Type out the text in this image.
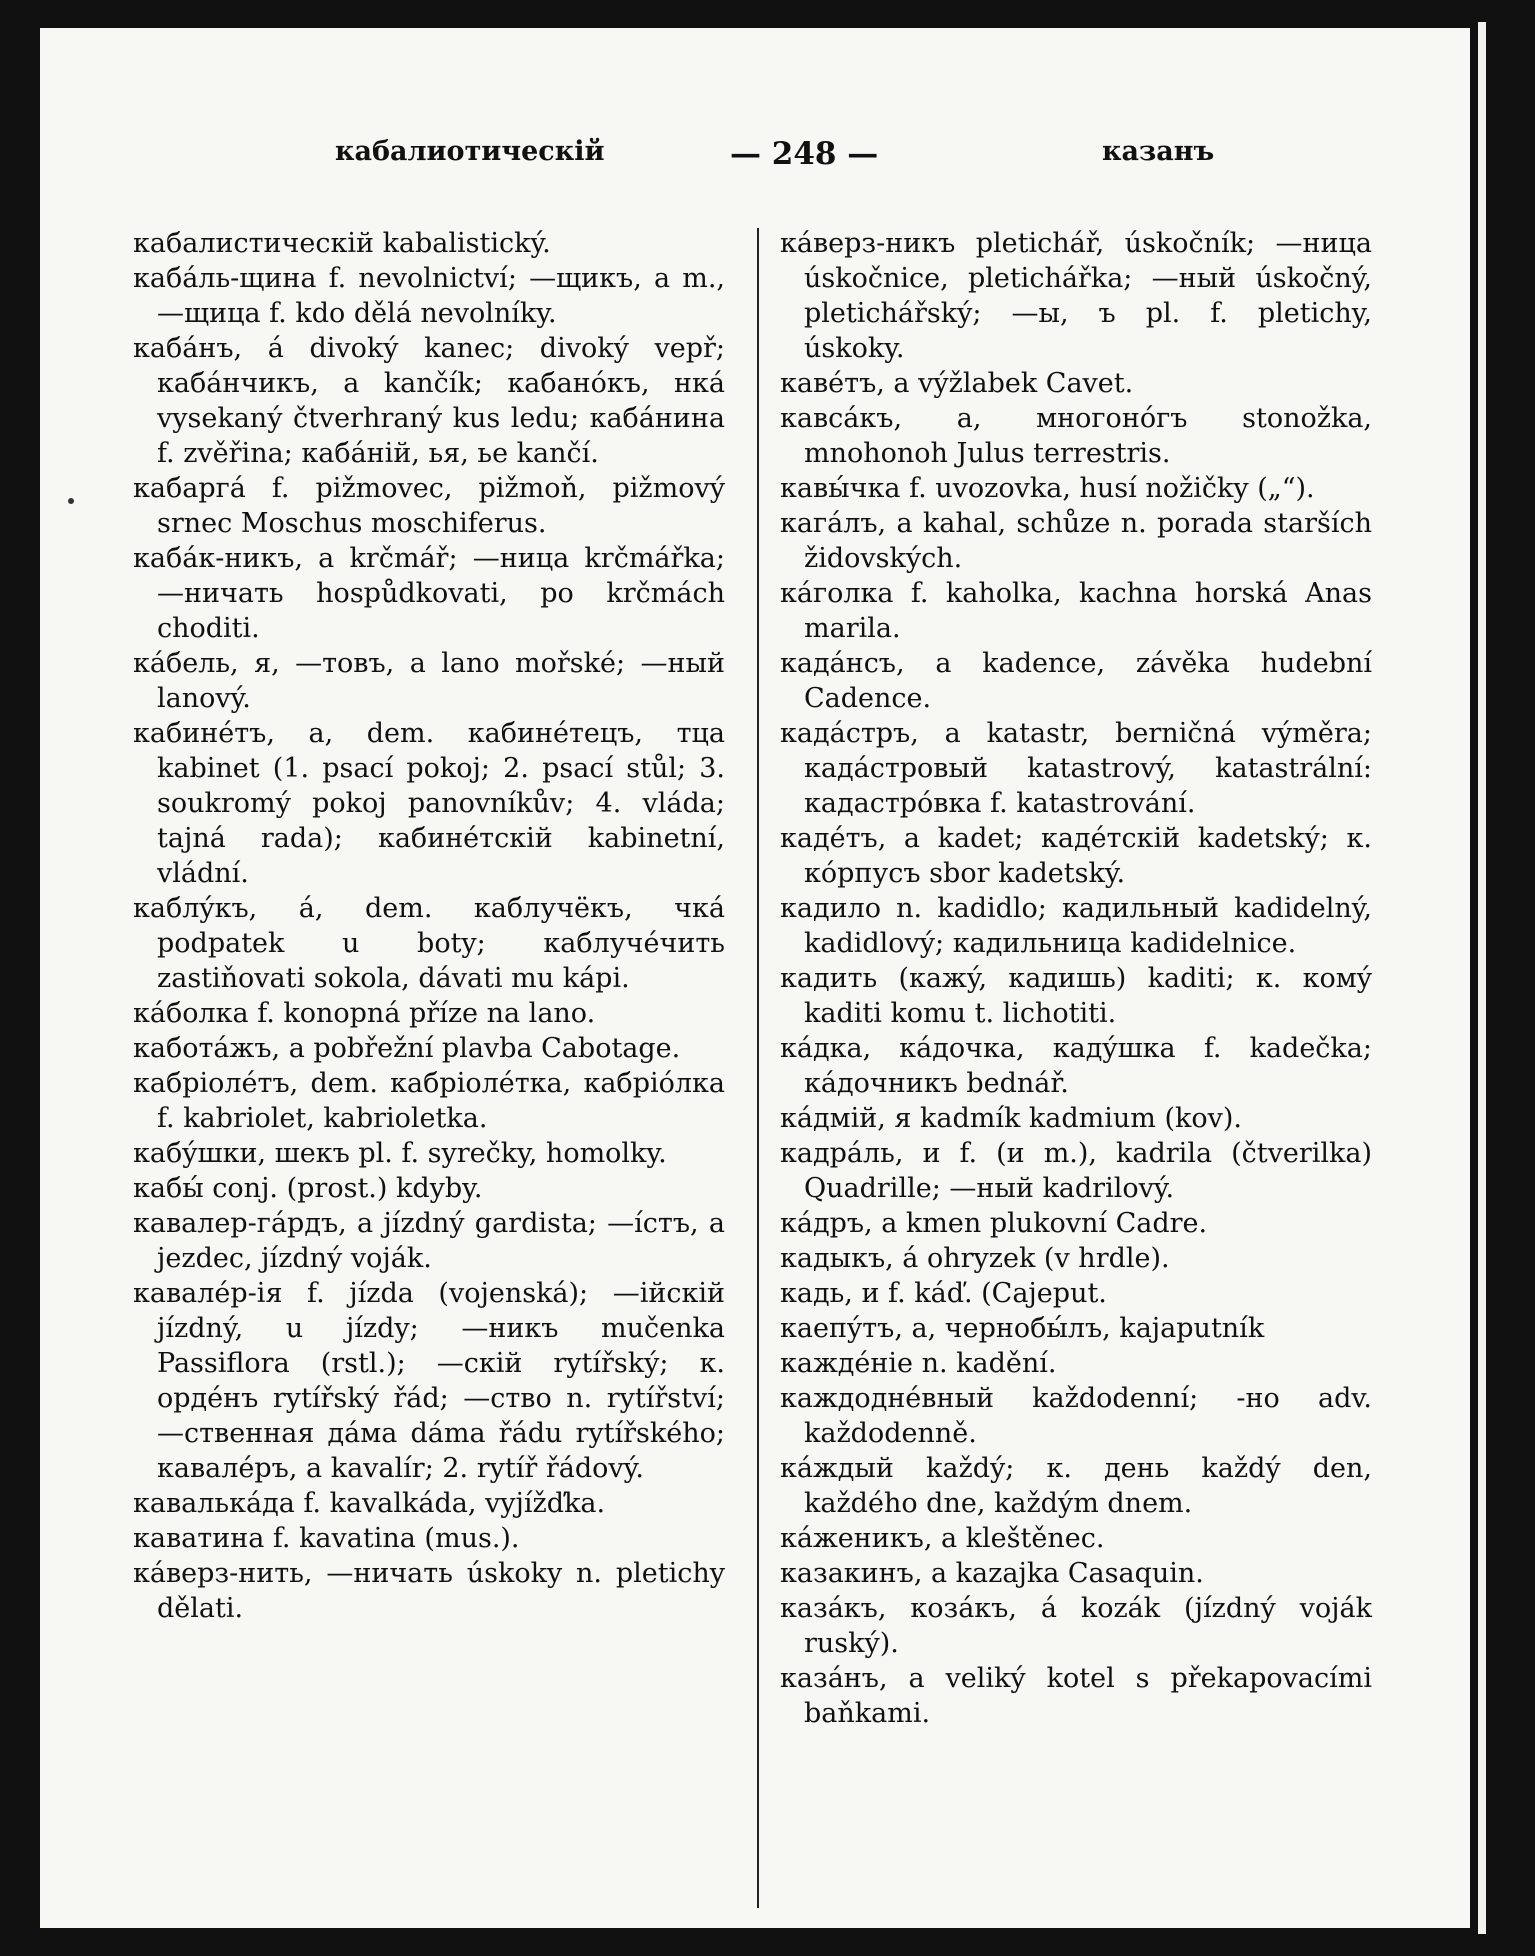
кабалиотическій	— 248 —	казанъ

кабалистическій kabalistický.

кабáль-щина f. nevolnictví; —щикъ, a m., —щица f. kdo dělá nevolníky.

кабáнъ, á divoký kanec; divoký vepř; кабáнчикъ, a kančík; кабанóкъ, нкá vysekaný čtverhraný kus ledu; кабáнина f. zvěřina; кабáній, ья, ье kančí.

кабаргá f. pižmovec, pižmoň, pižmový srnec Moschus moschiferus.

кабáк-никъ, a krčmář; —ница krčmářka; —ничать hospůdkovati, po krčmách choditi.

кáбель, я, —товъ, a lano mořské; —ный lanový.

кабинéтъ, a, dem. кабинéтецъ, тца kabinet (1. psací pokoj; 2. psací stůl; 3. soukromý pokoj panovníkův; 4. vláda; tajná rada); кабинéтскій kabinetní, vládní.

каблýкъ, á, dem. каблучёкъ, чкá podpatek u boty; каблучéчить zastiňovati sokola, dávati mu kápi.

кáболка f. konopná příze na lano.

каботáжъ, a pobřežní plavba Cabotage.

кабріолéтъ, dem. кабріолéтка, кабріóлка f. kabriolet, kabrioletka.

кабýшки, шекъ pl. f. syrečky, homolky.

кабы́ conj. (prost.) kdyby.

кавалер-гáрдъ, a jízdný gardista; —íстъ, a jezdec, jízdný voják.

кавалéр-ія f. jízda (vojenská); —ійскій jízdný, u jízdy; —никъ mučenka Passiflora (rstl.); —скій rytířský; к. ордéнъ rytířský řád; —ство n. rytířství; —ственная дáма dáma řádu rytířského; кавалéръ, a kavalír; 2. rytíř řádový.

кавалькáда f. kavalkáda, vyjížďka.

каватина f. kavatina (mus.).

кáверз-нить, —ничать úskoky n. pletichy dělati.

кáверз-никъ pletichář, úskočník; —ница úskočnice, pletichářka; —ный úskočný, pletichářský; —ы, ъ pl. f. pletichy, úskoky.

кавéтъ, a výžlabek Cavet.

кавсáкъ, a, многонóгъ stonožka, mnohonoh Julus terrestris.

кавы́чка f. uvozovka, husí nožičky („“).

кагáлъ, a kahal, schůze n. porada starších židovských.

кáголка f. kaholka, kachna horská Anas marila.

кадáнсъ, a kadence, závěka hudební Cadence.

кадáстръ, a katastr, berničná výměra; кадáстровый katastrový, katastrální: кадастрóвка f. katastrování.

кадéтъ, a kadet; кадéтскій kadetský; к. кóрпусъ sbor kadetský.

кадило n. kadidlo; кадильный kadidelný, kadidlový; кадильница kadidelnice.

кадить (кажý, кадишь) kaditi; к. комý kaditi komu t. lichotiti.

кáдка, кáдочка, кадýшка f. kadečka; кáдочникъ bednář.

кáдмій, я kadmík kadmium (kov).

кадрáль, и f. (и m.), kadrila (čtverilka) Quadrille; —ный kadrilový.

кáдръ, a kmen plukovní Cadre.

кадыкъ, á ohryzek (v hrdle).

кадь, и f. káď. (Cajeput.

каепýтъ, a, чернобы́лъ, kajaputník

каждéніе n. kadění.

каждоднéвный každodenní; -но adv. každodenně.

кáждый každý; к. день každý den, každého dne, každým dnem.

кáженикъ, a kleštěnec.

казакинъ, a kazajka Casaquin.

казáкъ, козáкъ, á kozák (jízdný voják ruský).

казáнъ, a veliký kotel s překapovacími baňkami.
